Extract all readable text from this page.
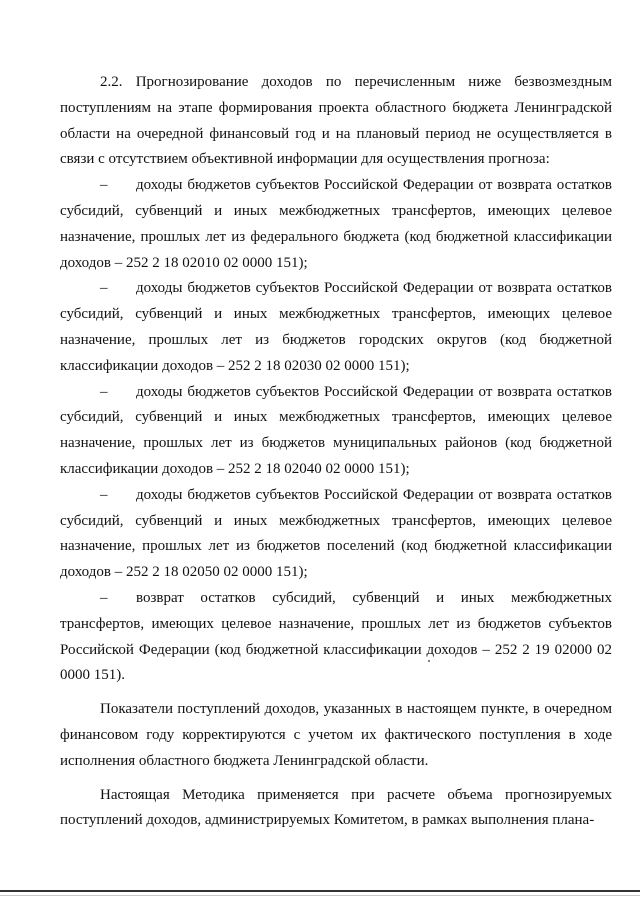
2.2. Прогнозирование доходов по перечисленным ниже безвозмездным поступлениям на этапе формирования проекта областного бюджета Ленинградской области на очередной финансовый год и на плановый период не осуществляется в связи с отсутствием объективной информации для осуществления прогноза:

– доходы бюджетов субъектов Российской Федерации от возврата остатков субсидий, субвенций и иных межбюджетных трансфертов, имеющих целевое назначение, прошлых лет из федерального бюджета (код бюджетной классификации доходов – 252 2 18 02010 02 0000 151);

– доходы бюджетов субъектов Российской Федерации от возврата остатков субсидий, субвенций и иных межбюджетных трансфертов, имеющих целевое назначение, прошлых лет из бюджетов городских округов (код бюджетной классификации доходов – 252 2 18 02030 02 0000 151);

– доходы бюджетов субъектов Российской Федерации от возврата остатков субсидий, субвенций и иных межбюджетных трансфертов, имеющих целевое назначение, прошлых лет из бюджетов муниципальных районов (код бюджетной классификации доходов – 252 2 18 02040 02 0000 151);

– доходы бюджетов субъектов Российской Федерации от возврата остатков субсидий, субвенций и иных межбюджетных трансфертов, имеющих целевое назначение, прошлых лет из бюджетов поселений (код бюджетной классификации доходов – 252 2 18 02050 02 0000 151);

– возврат остатков субсидий, субвенций и иных межбюджетных трансфертов, имеющих целевое назначение, прошлых лет из бюджетов субъектов Российской Федерации (код бюджетной классификации доходов – 252 2 19 02000 02 0000 151).

Показатели поступлений доходов, указанных в настоящем пункте, в очередном финансовом году корректируются с учетом их фактического поступления в ходе исполнения областного бюджета Ленинградской области.

Настоящая Методика применяется при расчете объема прогнозируемых поступлений доходов, администрируемых Комитетом, в рамках выполнения плана-
